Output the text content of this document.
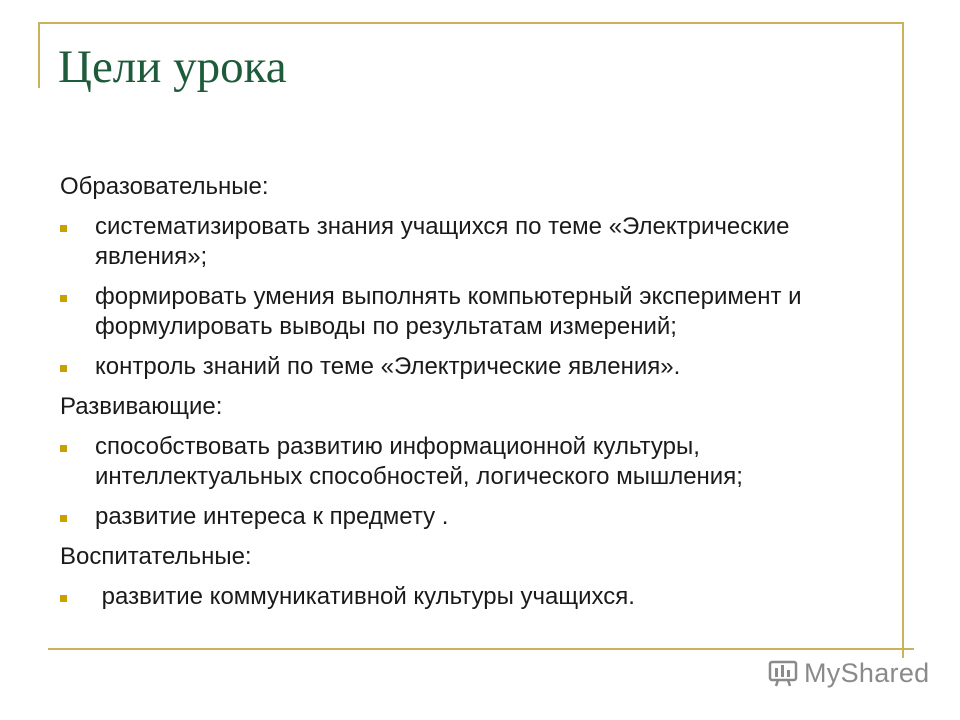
Цели урока
Образовательные:
систематизировать знания учащихся по теме «Электрические явления»;
формировать умения выполнять компьютерный эксперимент и формулировать выводы по результатам измерений;
контроль знаний по теме «Электрические явления».
Развивающие:
способствовать развитию информационной культуры, интеллектуальных способностей, логического мышления;
развитие интереса к предмету .
Воспитательные:
развитие коммуникативной культуры учащихся.
MyShared
